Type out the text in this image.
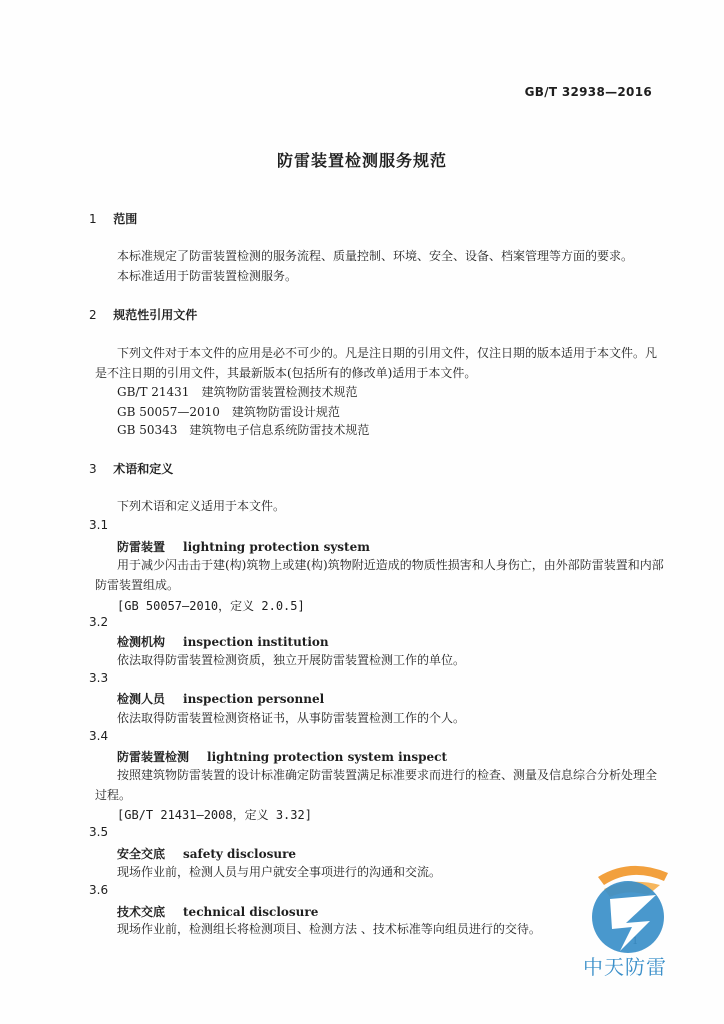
GB/T 32938—2016
防雷装置检测服务规范
1 范围
本标准规定了防雷装置检测的服务流程、质量控制、环境、安全、设备、档案管理等方面的要求。
本标准适用于防雷装置检测服务。
2 规范性引用文件
下列文件对于本文件的应用是必不可少的。凡是注日期的引用文件，仅注日期的版本适用于本文件。凡是不注日期的引用文件，其最新版本(包括所有的修改单)适用于本文件。
GB/T 21431　建筑物防雷装置检测技术规范
GB 50057—2010　建筑物防雷设计规范
GB 50343　建筑物电子信息系统防雷技术规范
3 术语和定义
下列术语和定义适用于本文件。
3.1
防雷装置 lightning protection system
用于减少闪击击于建(构)筑物上或建(构)筑物附近造成的物质性损害和人身伤亡，由外部防雷装置和内部防雷装置组成。
[GB 50057—2010，定义 2.0.5]
3.2
检测机构 inspection institution
依法取得防雷装置检测资质，独立开展防雷装置检测工作的单位。
3.3
检测人员 inspection personnel
依法取得防雷装置检测资格证书，从事防雷装置检测工作的个人。
3.4
防雷装置检测 lightning protection system inspect
按照建筑物防雷装置的设计标准确定防雷装置满足标准要求而进行的检查、测量及信息综合分析处理全过程。
[GB/T 21431—2008，定义 3.32]
3.5
安全交底 safety disclosure
现场作业前，检测人员与用户就安全事项进行的沟通和交流。
3.6
技术交底 technical disclosure
现场作业前，检测组长将检测项目、检测方法 、技术标准等向组员进行的交待。
中天防雷
